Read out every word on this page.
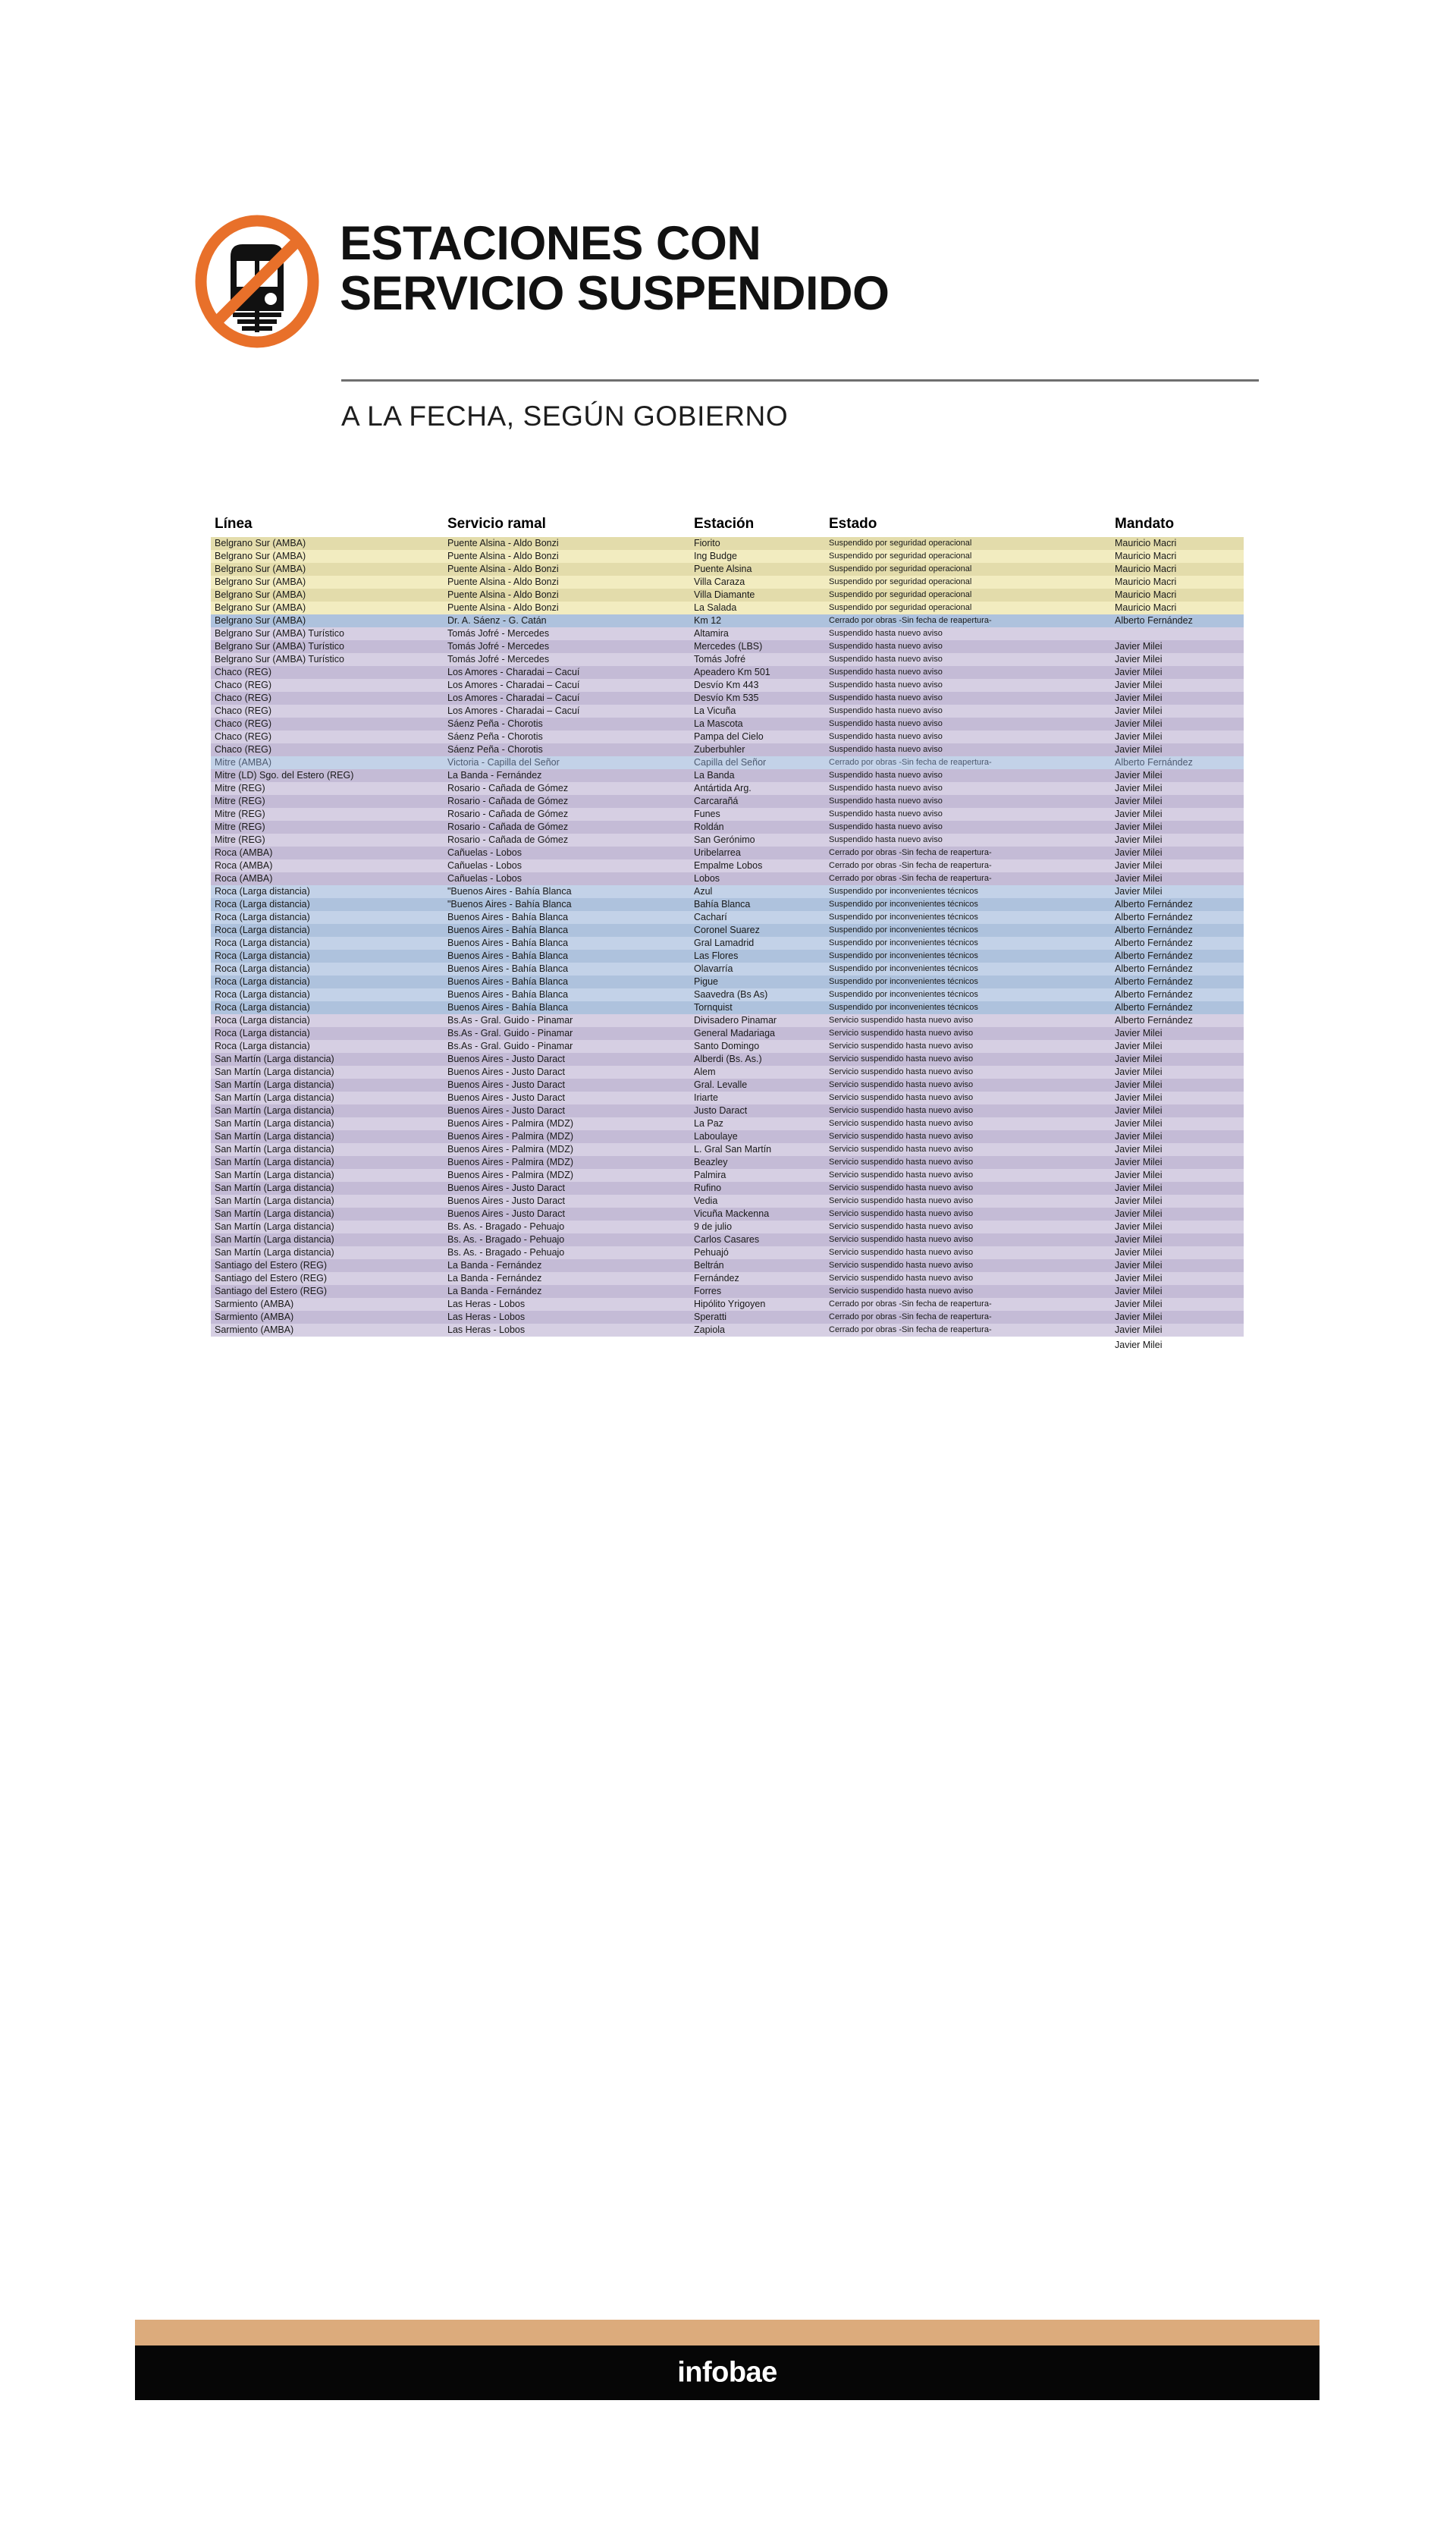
ESTACIONES CON
SERVICIO SUSPENDIDO
A LA FECHA, SEGÚN GOBIERNO
Línea	Servicio ramal	Estación	Estado	Mandato
Belgrano Sur (AMBA)	Puente Alsina - Aldo Bonzi	Fiorito	Suspendido por seguridad operacional	Mauricio Macri
Belgrano Sur (AMBA)	Puente Alsina - Aldo Bonzi	Ing Budge	Suspendido por seguridad operacional	Mauricio Macri
Belgrano Sur (AMBA)	Puente Alsina - Aldo Bonzi	Puente Alsina	Suspendido por seguridad operacional	Mauricio Macri
Belgrano Sur (AMBA)	Puente Alsina - Aldo Bonzi	Villa Caraza	Suspendido por seguridad operacional	Mauricio Macri
Belgrano Sur (AMBA)	Puente Alsina - Aldo Bonzi	Villa Diamante	Suspendido por seguridad operacional	Mauricio Macri
Belgrano Sur (AMBA)	Puente Alsina - Aldo Bonzi	La Salada	Suspendido por seguridad operacional	Mauricio Macri
Belgrano Sur (AMBA)	Dr. A. Sáenz - G. Catán	Km 12	Cerrado por obras -Sin fecha de reapertura-	Alberto Fernández
Belgrano Sur (AMBA) Turístico	Tomás Jofré - Mercedes	Altamira	Suspendido hasta nuevo aviso
Belgrano Sur (AMBA) Turístico	Tomás Jofré - Mercedes	Mercedes (LBS)	Suspendido hasta nuevo aviso	Javier Milei
Belgrano Sur (AMBA) Turístico	Tomás Jofré - Mercedes	Tomás Jofré	Suspendido hasta nuevo aviso	Javier Milei
Chaco (REG)	Los Amores - Charadai – Cacuí	Apeadero Km 501	Suspendido hasta nuevo aviso	Javier Milei
Chaco (REG)	Los Amores - Charadai – Cacuí	Desvío Km 443	Suspendido hasta nuevo aviso	Javier Milei
Chaco (REG)	Los Amores - Charadai – Cacuí	Desvío Km 535	Suspendido hasta nuevo aviso	Javier Milei
Chaco (REG)	Los Amores - Charadai – Cacuí	La Vicuña	Suspendido hasta nuevo aviso	Javier Milei
Chaco (REG)	Sáenz Peña - Chorotis	La Mascota	Suspendido hasta nuevo aviso	Javier Milei
Chaco (REG)	Sáenz Peña - Chorotis	Pampa del Cielo	Suspendido hasta nuevo aviso	Javier Milei
Chaco (REG)	Sáenz Peña - Chorotis	Zuberbuhler	Suspendido hasta nuevo aviso	Javier Milei
Mitre (AMBA)	Victoria - Capilla del Señor	Capilla del Señor	Cerrado por obras -Sin fecha de reapertura-	Alberto Fernández
Mitre (LD) Sgo. del Estero (REG)	La Banda - Fernández	La Banda	Suspendido hasta nuevo aviso	Javier Milei
Mitre (REG)	Rosario - Cañada de Gómez	Antártida Arg.	Suspendido hasta nuevo aviso	Javier Milei
Mitre (REG)	Rosario - Cañada de Gómez	Carcarañá	Suspendido hasta nuevo aviso	Javier Milei
Mitre (REG)	Rosario - Cañada de Gómez	Funes	Suspendido hasta nuevo aviso	Javier Milei
Mitre (REG)	Rosario - Cañada de Gómez	Roldán	Suspendido hasta nuevo aviso	Javier Milei
Mitre (REG)	Rosario - Cañada de Gómez	San Gerónimo	Suspendido hasta nuevo aviso	Javier Milei
Roca (AMBA)	Cañuelas - Lobos	Uribelarrea	Cerrado por obras -Sin fecha de reapertura-	Javier Milei
Roca (AMBA)	Cañuelas - Lobos	Empalme Lobos	Cerrado por obras -Sin fecha de reapertura-	Javier Milei
Roca (AMBA)	Cañuelas - Lobos	Lobos	Cerrado por obras -Sin fecha de reapertura-	Javier Milei
Roca (Larga distancia)	"Buenos Aires - Bahía Blanca	Azul	Suspendido por inconvenientes técnicos	Javier Milei
Roca (Larga distancia)	"Buenos Aires - Bahía Blanca	Bahía Blanca	Suspendido por inconvenientes técnicos	Alberto Fernández
Roca (Larga distancia)	Buenos Aires - Bahía Blanca	Cacharí	Suspendido por inconvenientes técnicos	Alberto Fernández
Roca (Larga distancia)	Buenos Aires - Bahía Blanca	Coronel Suarez	Suspendido por inconvenientes técnicos	Alberto Fernández
Roca (Larga distancia)	Buenos Aires - Bahía Blanca	Gral Lamadrid	Suspendido por inconvenientes técnicos	Alberto Fernández
Roca (Larga distancia)	Buenos Aires - Bahía Blanca	Las Flores	Suspendido por inconvenientes técnicos	Alberto Fernández
Roca (Larga distancia)	Buenos Aires - Bahía Blanca	Olavarría	Suspendido por inconvenientes técnicos	Alberto Fernández
Roca (Larga distancia)	Buenos Aires - Bahía Blanca	Pigue	Suspendido por inconvenientes técnicos	Alberto Fernández
Roca (Larga distancia)	Buenos Aires - Bahía Blanca	Saavedra (Bs As)	Suspendido por inconvenientes técnicos	Alberto Fernández
Roca (Larga distancia)	Buenos Aires - Bahía Blanca	Tornquist	Suspendido por inconvenientes técnicos	Alberto Fernández
Roca (Larga distancia)	Bs.As - Gral. Guido - Pinamar	Divisadero Pinamar	Servicio suspendido hasta nuevo aviso	Alberto Fernández
Roca (Larga distancia)	Bs.As - Gral. Guido - Pinamar	General Madariaga	Servicio suspendido hasta nuevo aviso	Javier Milei
Roca (Larga distancia)	Bs.As - Gral. Guido - Pinamar	Santo Domingo	Servicio suspendido hasta nuevo aviso	Javier Milei
San Martín (Larga distancia)	Buenos Aires - Justo Daract	Alberdi (Bs. As.)	Servicio suspendido hasta nuevo aviso	Javier Milei
San Martín (Larga distancia)	Buenos Aires - Justo Daract	Alem	Servicio suspendido hasta nuevo aviso	Javier Milei
San Martín (Larga distancia)	Buenos Aires - Justo Daract	Gral. Levalle	Servicio suspendido hasta nuevo aviso	Javier Milei
San Martín (Larga distancia)	Buenos Aires - Justo Daract	Iriarte	Servicio suspendido hasta nuevo aviso	Javier Milei
San Martín (Larga distancia)	Buenos Aires - Justo Daract	Justo Daract	Servicio suspendido hasta nuevo aviso	Javier Milei
San Martín (Larga distancia)	Buenos Aires - Palmira (MDZ)	La Paz	Servicio suspendido hasta nuevo aviso	Javier Milei
San Martín (Larga distancia)	Buenos Aires - Palmira (MDZ)	Laboulaye	Servicio suspendido hasta nuevo aviso	Javier Milei
San Martín (Larga distancia)	Buenos Aires - Palmira (MDZ)	L. Gral San Martín	Servicio suspendido hasta nuevo aviso	Javier Milei
San Martín (Larga distancia)	Buenos Aires - Palmira (MDZ)	Beazley	Servicio suspendido hasta nuevo aviso	Javier Milei
San Martín (Larga distancia)	Buenos Aires - Palmira (MDZ)	Palmira	Servicio suspendido hasta nuevo aviso	Javier Milei
San Martín (Larga distancia)	Buenos Aires - Justo Daract	Rufino	Servicio suspendido hasta nuevo aviso	Javier Milei
San Martín (Larga distancia)	Buenos Aires - Justo Daract	Vedia	Servicio suspendido hasta nuevo aviso	Javier Milei
San Martín (Larga distancia)	Buenos Aires - Justo Daract	Vicuña Mackenna	Servicio suspendido hasta nuevo aviso	Javier Milei
San Martín (Larga distancia)	Bs. As. - Bragado - Pehuajo	9 de julio	Servicio suspendido hasta nuevo aviso	Javier Milei
San Martín (Larga distancia)	Bs. As. - Bragado - Pehuajo	Carlos Casares	Servicio suspendido hasta nuevo aviso	Javier Milei
San Martín (Larga distancia)	Bs. As. - Bragado - Pehuajo	Pehuajó	Servicio suspendido hasta nuevo aviso	Javier Milei
Santiago del Estero (REG)	La Banda - Fernández	Beltrán	Servicio suspendido hasta nuevo aviso	Javier Milei
Santiago del Estero (REG)	La Banda - Fernández	Fernández	Servicio suspendido hasta nuevo aviso	Javier Milei
Santiago del Estero (REG)	La Banda - Fernández	Forres	Servicio suspendido hasta nuevo aviso	Javier Milei
Sarmiento (AMBA)	Las Heras - Lobos	Hipólito Yrigoyen	Cerrado por obras -Sin fecha de reapertura-	Javier Milei
Sarmiento (AMBA)	Las Heras - Lobos	Speratti	Cerrado por obras -Sin fecha de reapertura-	Javier Milei
Sarmiento (AMBA)	Las Heras - Lobos	Zapiola	Cerrado por obras -Sin fecha de reapertura-	Javier Milei
Javier Milei
infobae
